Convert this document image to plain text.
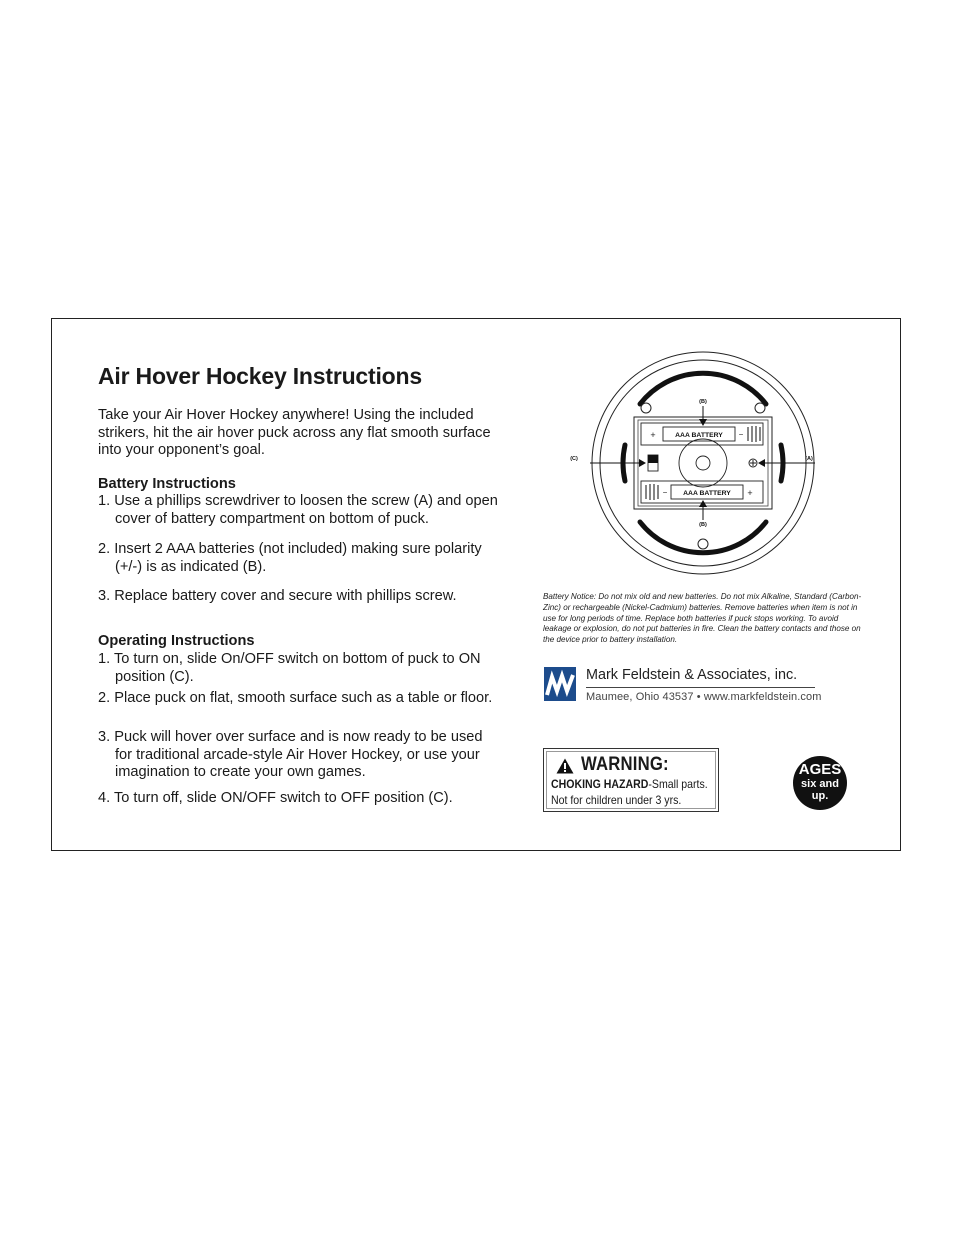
Air Hover Hockey Instructions
Take your Air Hover Hockey anywhere! Using the included strikers, hit the air hover puck across any flat smooth surface into your opponent’s goal.
Battery Instructions
1. Use a phillips screwdriver to loosen the screw (A) and open cover of battery compartment on bottom of puck.
2. Insert 2 AAA batteries (not included) making sure polarity (+/-) is as indicated (B).
3. Replace battery cover and secure with phillips screw.
Operating Instructions
1. To turn on, slide On/OFF switch on bottom of puck to ON position (C).
2. Place puck on flat, smooth surface such as a table or floor.
3. Puck will hover over surface and is now ready to be used for traditional arcade-style Air Hover Hockey, or use your imagination to create your own games.
4. To turn off, slide ON/OFF switch to OFF position (C).
AAA BATTERY
+	−
AAA BATTERY +
−
(B)
(B)
(A)
(C)
Battery Notice: Do not mix old and new batteries. Do not mix Alkaline, Standard (Carbon-Zinc) or rechargeable (Nickel-Cadmium) batteries. Remove batteries when item is not in use for long periods of time. Replace both batteries if puck stops working. To avoid leakage or explosion, do not put batteries in fire. Clean the battery contacts and those on the device prior to battery installation.
Mark Feldstein & Associates, inc.
Maumee, Ohio 43537 • www.markfeldstein.com
WARNING:
CHOKING HAZARD-Small parts.
Not for children under 3 yrs.
AGES
six and up.
